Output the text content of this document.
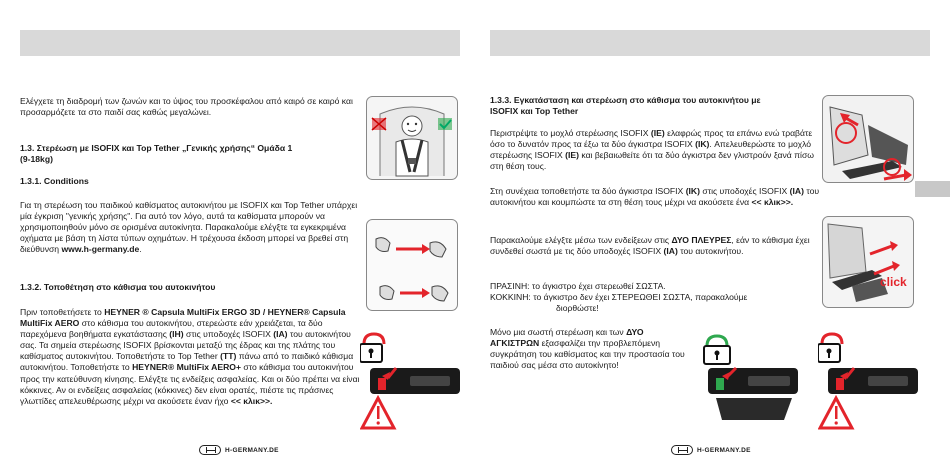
Ελέγχετε τη διαδρομή των ζωνών και το ύψος του προσκέφαλου από καιρό σε καιρό και προσαρμόζετε τα στο παιδί σας καθώς μεγαλώνει.
1.3. Στερέωση με ISOFIX και Top Tether „Γενικής χρήσης“ Ομάδα 1
(9-18kg)
1.3.1. Conditions
Για τη στερέωση του παιδικού καθίσματος αυτοκινήτου με ISOFIX και Top Tether υπάρχει μία έγκριση "γενικής χρήσης". Για αυτό τον λόγο, αυτά τα καθίσματα μπορούν να χρησιμοποιηθούν μόνο σε ορισμένα αυτοκίνητα. Παρακαλούμε ελέγξτε τα εγκεκριμένα οχήματα με βάση τη λίστα τύπων οχημάτων. Η τρέχουσα έκδοση μπορεί να βρεθεί στη διεύθυνση www.h-germany.de.
1.3.2. Τοποθέτηση στο κάθισμα του αυτοκινήτου
Πριν τοποθετήσετε το HEYNER ® Capsula MultiFix ERGO 3D / HEYNER® Capsula MultiFix AERO στο κάθισμα του αυτοκινήτου, στερεώστε εάν χρειάζεται, τα δύο παρεχόμενα βοηθήματα εγκατάστασης (IH) στις υποδοχές ISOFIX (IA) του αυτοκινήτου σας. Τα σημεία στερέωσης ISOFIX βρίσκονται μεταξύ της έδρας και της πλάτης του καθίσματος αυτοκινήτου. Τοποθετήστε το Top Tether (TT) πάνω από το παιδικό κάθισμα αυτοκινήτου. Τοποθετήστε το HEYNER® MultiFix AERO+ στο κάθισμα του αυτοκινήτου προς την κατεύθυνση κίνησης. Ελέγξτε τις ενδείξεις ασφαλείας. Και οι δύο πρέπει να είναι κόκκινες. Αν οι ενδείξεις ασφαλείας (κόκκινες) δεν είναι ορατές, πιέστε τις πράσινες γλωττίδες απελευθέρωσης μέχρι να ακούσετε έναν ήχο << κλικ>>.
H-GERMANY.DE
1.3.3. Εγκατάσταση και στερέωση στο κάθισμα του αυτοκινήτου με
ISOFIX και Top Tether
Περιστρέψτε το μοχλό στερέωσης ISOFIX (IE) ελαφρώς προς τα επάνω ενώ τραβάτε όσο το δυνατόν προς τα έξω τα δύο άγκιστρα ISOFIX (IK). Απελευθερώστε το μοχλό στερέωσης ISOFIX (IE) και βεβαιωθείτε ότι τα δύο άγκιστρα δεν γλιστρούν ξανά πίσω στη θέση τους.
Στη συνέχεια τοποθετήστε τα δύο άγκιστρα ISOFIX (IK) στις υποδοχές ISOFIX (IA) του αυτοκινήτου και κουμπώστε τα στη θέση τους μέχρι να ακούσετε ένα << κλικ>>.
Παρακαλούμε ελέγξτε μέσω των ενδείξεων στις ΔΥΟ ΠΛΕΥΡΕΣ, εάν το κάθισμα έχει συνδεθεί σωστά με τις δύο υποδοχές ISOFIX (IA) του αυτοκινήτου.
ΠΡΑΣΙΝΗ: το άγκιστρο έχει στερεωθεί ΣΩΣΤΑ.
ΚΟΚΚΙΝΗ: το άγκιστρο δεν έχει ΣΤΕΡΕΩΘΕΙ ΣΩΣΤΑ, παρακαλούμε
διορθώστε!
Μόνο μια σωστή στερέωση και των ΔΥΟ ΑΓΚΙΣΤΡΩΝ εξασφαλίζει την προβλεπόμενη συγκράτηση του καθίσματος και την προστασία του παιδιού σας μέσα στο αυτοκίνητο!
click
H-GERMANY.DE
